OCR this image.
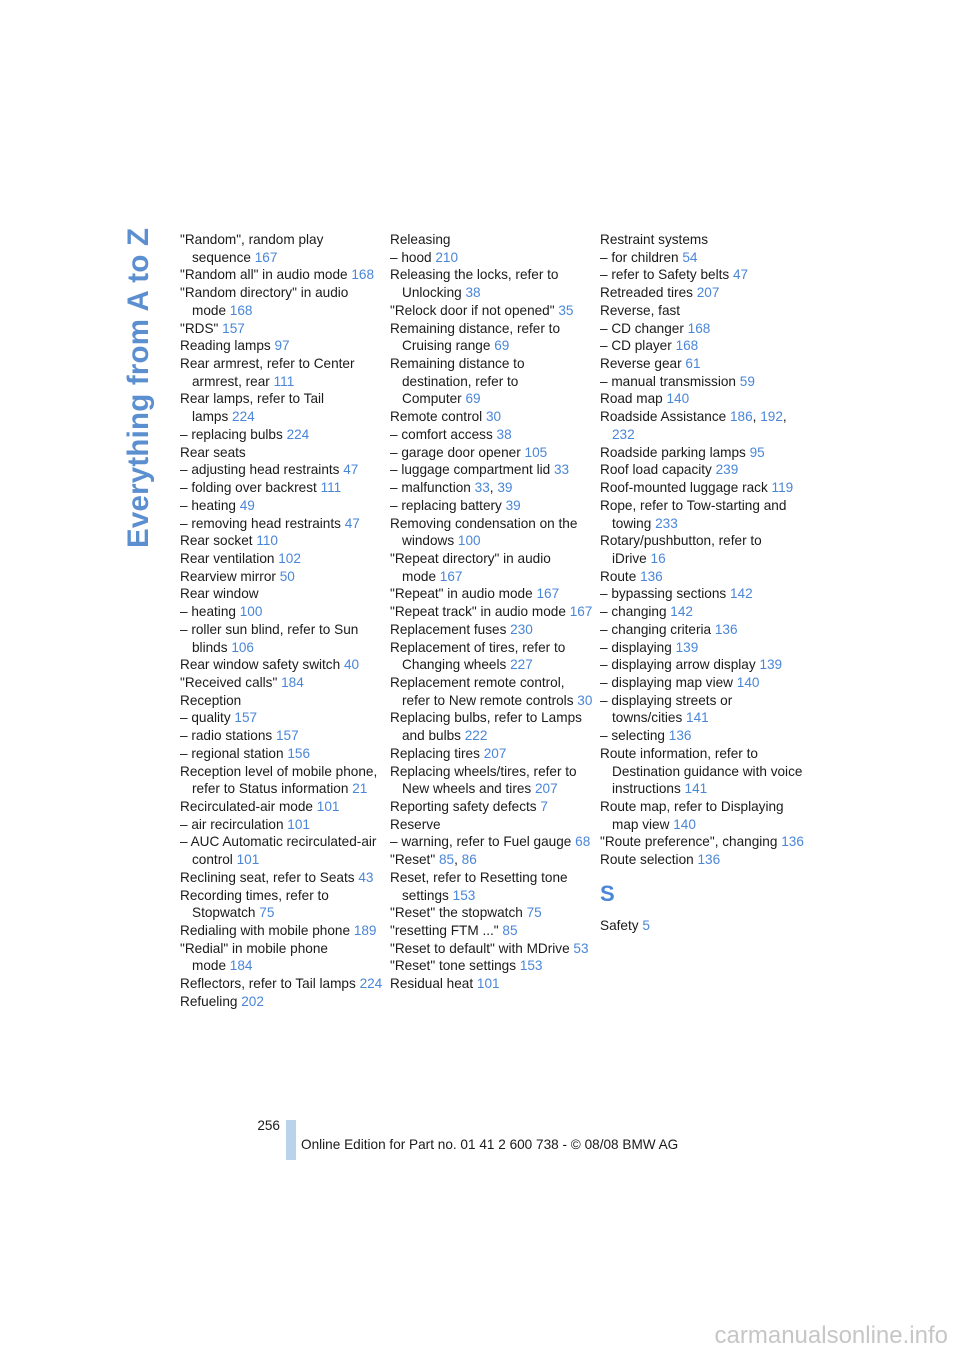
Everything from A to Z "Random", random play sequence 167
"Random all" in audio mode 168
"Random directory" in audio mode 168
"RDS" 157
Reading lamps 97
Rear armrest, refer to Center armrest, rear 111
Rear lamps, refer to Tail lamps 224
– replacing bulbs 224
Rear seats
– adjusting head restraints 47
– folding over backrest 111
– heating 49
– removing head restraints 47
Rear socket 110
Rear ventilation 102
Rearview mirror 50
Rear window
– heating 100
– roller sun blind, refer to Sun blinds 106
Rear window safety switch 40
"Received calls" 184
Reception
– quality 157
– radio stations 157
– regional station 156
Reception level of mobile phone, refer to Status information 21
Recirculated-air mode 101
– air recirculation 101
– AUC Automatic recirculated-air control 101
Reclining seat, refer to Seats 43
Recording times, refer to Stopwatch 75
Redialing with mobile phone 189
"Redial" in mobile phone mode 184
Reflectors, refer to Tail lamps 224
Refueling 202
Releasing
– hood 210
Releasing the locks, refer to Unlocking 38
"Relock door if not opened" 35
Remaining distance, refer to Cruising range 69
Remaining distance to destination, refer to Computer 69
Remote control 30
– comfort access 38
– garage door opener 105
– luggage compartment lid 33
– malfunction 33, 39
– replacing battery 39
Removing condensation on the windows 100
"Repeat directory" in audio mode 167
"Repeat" in audio mode 167
"Repeat track" in audio mode 167
Replacement fuses 230
Replacement of tires, refer to Changing wheels 227
Replacement remote control, refer to New remote controls 30
Replacing bulbs, refer to Lamps and bulbs 222
Replacing tires 207
Replacing wheels/tires, refer to New wheels and tires 207
Reporting safety defects 7
Reserve
– warning, refer to Fuel gauge 68
"Reset" 85, 86
Reset, refer to Resetting tone settings 153
"Reset" the stopwatch 75
"resetting FTM ..." 85
"Reset to default" with MDrive 53
"Reset" tone settings 153
Residual heat 101
Restraint systems
– for children 54
– refer to Safety belts 47
Retreaded tires 207
Reverse, fast
– CD changer 168
– CD player 168
Reverse gear 61
– manual transmission 59
Road map 140
Roadside Assistance 186, 192, 232
Roadside parking lamps 95
Roof load capacity 239
Roof-mounted luggage rack 119
Rope, refer to Tow-starting and towing 233
Rotary/pushbutton, refer to iDrive 16
Route 136
– bypassing sections 142
– changing 142
– changing criteria 136
– displaying 139
– displaying arrow display 139
– displaying map view 140
– displaying streets or towns/cities 141
– selecting 136
Route information, refer to Destination guidance with voice instructions 141
Route map, refer to Displaying map view 140
"Route preference", changing 136
Route selection 136
S
Safety 5
256
Online Edition for Part no. 01 41 2 600 738 - © 08/08 BMW AG
carmanualsonline.info
